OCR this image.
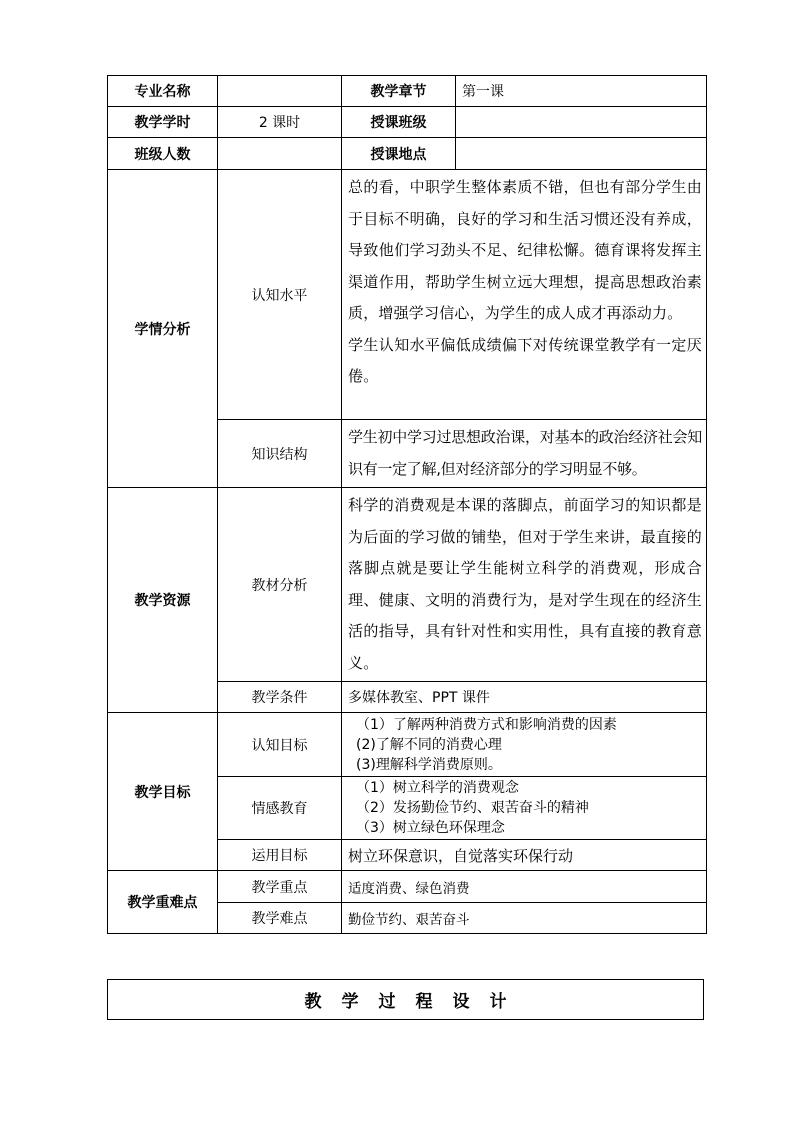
专业名称		教学章节	第一课
教学学时	2 课时	授课班级	
班级人数		授课地点	
学情分析	认知水平	总的看，中职学生整体素质不错，但也有部分学生由于目标不明确，良好的学习和生活习惯还没有养成，导致他们学习劲头不足、纪律松懈。德育课将发挥主渠道作用，帮助学生树立远大理想，提高思想政治素质，增强学习信心，为学生的成人成才再添动力。

学生认知水平偏低成绩偏下对传统课堂教学有一定厌倦。	

	知识结构	学生初中学习过思想政治课，对基本的政治经济社会知识有一定了解,但对经济部分的学习明显不够。	
教学资源	教材分析	科学的消费观是本课的落脚点，前面学习的知识都是为后面的学习做的铺垫，但对于学生来讲，最直接的落脚点就是要让学生能树立科学的消费观，形成合理、健康、文明的消费行为，是对学生现在的经济生活的指导，具有针对性和实用性，具有直接的教育意义。	
	教学条件	多媒体教室、PPT 课件	
教学目标	认知目标	（1）了解两种消费方式和影响消费的因素
(2)了解不同的消费心理
(3)理解科学消费原则。	

	情感教育	（1）树立科学的消费观念
（2）发扬勤俭节约、艰苦奋斗的精神
（3）树立绿色环保理念	

	运用目标	树立环保意识，自觉落实环保行动	
教学重难点	教学重点	适度消费、绿色消费	
	教学难点	勤俭节约、艰苦奋斗	
教学过程设计
